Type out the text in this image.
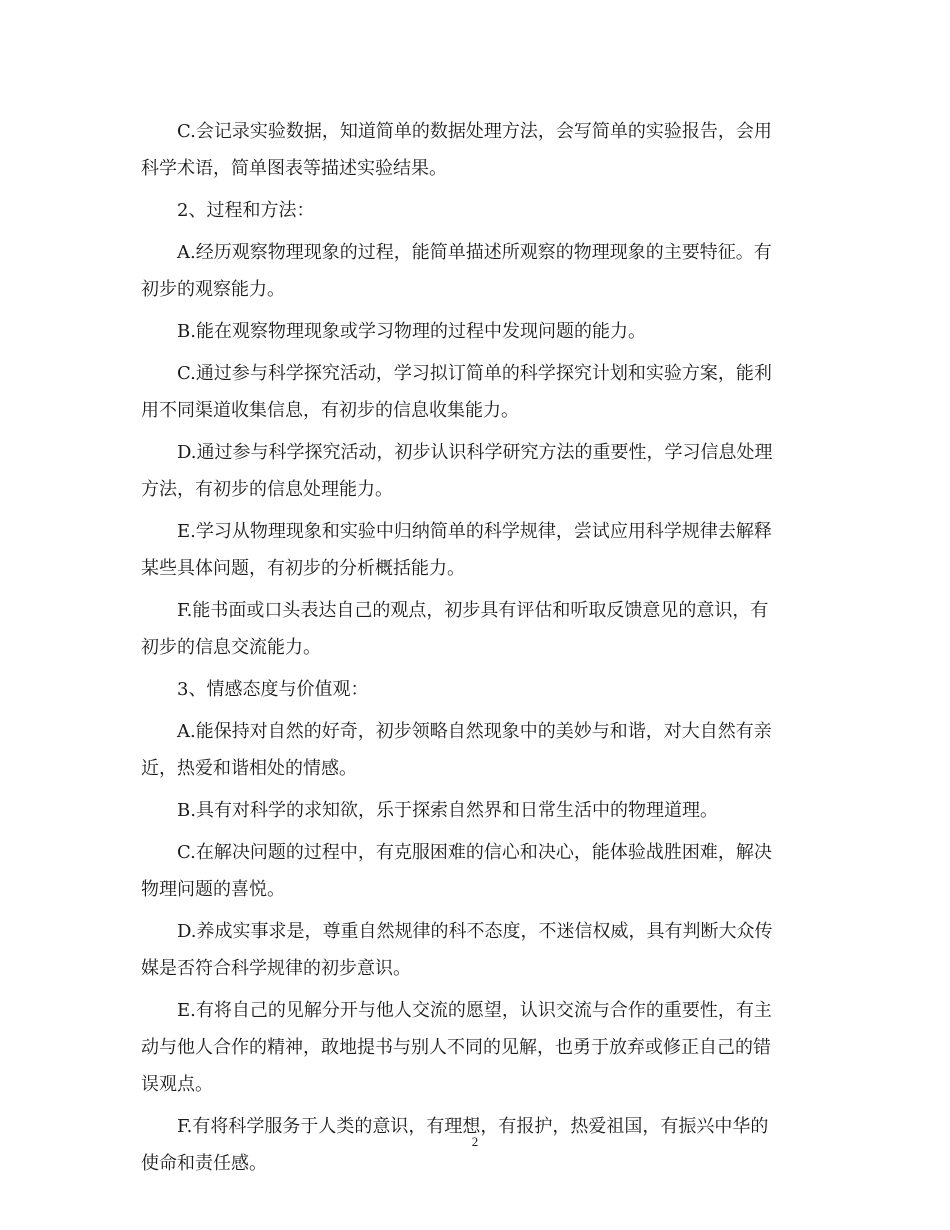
C.会记录实验数据，知道简单的数据处理方法，会写简单的实验报告，会用
科学术语，简单图表等描述实验结果。

2、过程和方法：

A.经历观察物理现象的过程，能简单描述所观察的物理现象的主要特征。有
初步的观察能力。

B.能在观察物理现象或学习物理的过程中发现问题的能力。

C.通过参与科学探究活动，学习拟订简单的科学探究计划和实验方案，能利
用不同渠道收集信息，有初步的信息收集能力。

D.通过参与科学探究活动，初步认识科学研究方法的重要性，学习信息处理
方法，有初步的信息处理能力。

E.学习从物理现象和实验中归纳简单的科学规律，尝试应用科学规律去解释
某些具体问题，有初步的分析概括能力。

F.能书面或口头表达自己的观点，初步具有评估和听取反馈意见的意识，有
初步的信息交流能力。

3、情感态度与价值观：

A.能保持对自然的好奇，初步领略自然现象中的美妙与和谐，对大自然有亲
近，热爱和谐相处的情感。

B.具有对科学的求知欲，乐于探索自然界和日常生活中的物理道理。

C.在解决问题的过程中，有克服困难的信心和决心，能体验战胜困难，解决
物理问题的喜悦。

D.养成实事求是，尊重自然规律的科不态度，不迷信权威，具有判断大众传
媒是否符合科学规律的初步意识。

E.有将自己的见解分开与他人交流的愿望，认识交流与合作的重要性，有主
动与他人合作的精神，敢地提书与别人不同的见解，也勇于放弃或修正自己的错
误观点。

F.有将科学服务于人类的意识，有理想，有报护，热爱祖国，有振兴中华的
使命和责任感。

2
